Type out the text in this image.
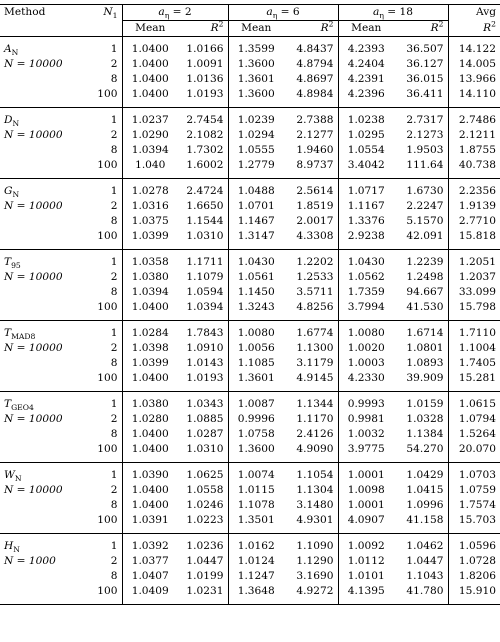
Method	$N_1$	$a_\eta = 2$		$a_\eta = 6$		$a_\eta = 18$		Avg
		Mean	$R^2$	Mean	$R^2$	Mean	$R^2$	$R^2$
$A_N$	1	1.0400	1.0166	1.3599	4.8437	4.2393	36.507	14.122
N = 10000	2	1.0400	1.0091	1.3600	4.8794	4.2404	36.127	14.005
	8	1.0400	1.0136	1.3601	4.8697	4.2391	36.015	13.966
	100	1.0400	1.0193	1.3600	4.8984	4.2396	36.411	14.110
$D_N$	1	1.0237	2.7454	1.0239	2.7388	1.0238	2.7317	2.7486
N = 10000	2	1.0290	2.1082	1.0294	2.1277	1.0295	2.1273	2.1211
	8	1.0394	1.7302	1.0555	1.9460	1.0554	1.9503	1.8755
	100	1.040	1.6002	1.2779	8.9737	3.4042	111.64	40.738
$G_N$	1	1.0278	2.4724	1.0488	2.5614	1.0717	1.6730	2.2356
N = 10000	2	1.0316	1.6650	1.0701	1.8519	1.1167	2.2247	1.9139
	8	1.0375	1.1544	1.1467	2.0017	1.3376	5.1570	2.7710
	100	1.0399	1.0310	1.3147	4.3308	2.9238	42.091	15.818
$T_{95}$	1	1.0358	1.1711	1.0430	1.2202	1.0430	1.2239	1.2051
N = 10000	2	1.0380	1.1079	1.0561	1.2533	1.0562	1.2498	1.2037
	8	1.0394	1.0594	1.1450	3.5711	1.7359	94.667	33.099
	100	1.0400	1.0394	1.3243	4.8256	3.7994	41.530	15.798
$T_{MAD8}$	1	1.0284	1.7843	1.0080	1.6774	1.0080	1.6714	1.7110
N = 10000	2	1.0398	1.0910	1.0056	1.1300	1.0020	1.0801	1.1004
	8	1.0399	1.0143	1.1085	3.1179	1.0003	1.0893	1.7405
	100	1.0400	1.0193	1.3601	4.9145	4.2330	39.909	15.281
$T_{GEO4}$	1	1.0380	1.0343	1.0087	1.1344	0.9993	1.0159	1.0615
N = 10000	2	1.0280	1.0885	0.9996	1.1170	0.9981	1.0328	1.0794
	8	1.0400	1.0287	1.0758	2.4126	1.0032	1.1384	1.5264
	100	1.0400	1.0310	1.3600	4.9090	3.9775	54.270	20.070
$W_N$	1	1.0390	1.0625	1.0074	1.1054	1.0001	1.0429	1.0703
N = 10000	2	1.0400	1.0558	1.0115	1.1304	1.0098	1.0415	1.0759
	8	1.0400	1.0246	1.1078	3.1480	1.0001	1.0996	1.7574
	100	1.0391	1.0223	1.3501	4.9301	4.0907	41.158	15.703
$H_N$	1	1.0392	1.0236	1.0162	1.1090	1.0092	1.0462	1.0596
N = 1000	2	1.0377	1.0447	1.0124	1.1290	1.0112	1.0447	1.0728
	8	1.0407	1.0199	1.1247	3.1690	1.0101	1.1043	1.8206
	100	1.0409	1.0231	1.3648	4.9272	4.1395	41.780	15.910
